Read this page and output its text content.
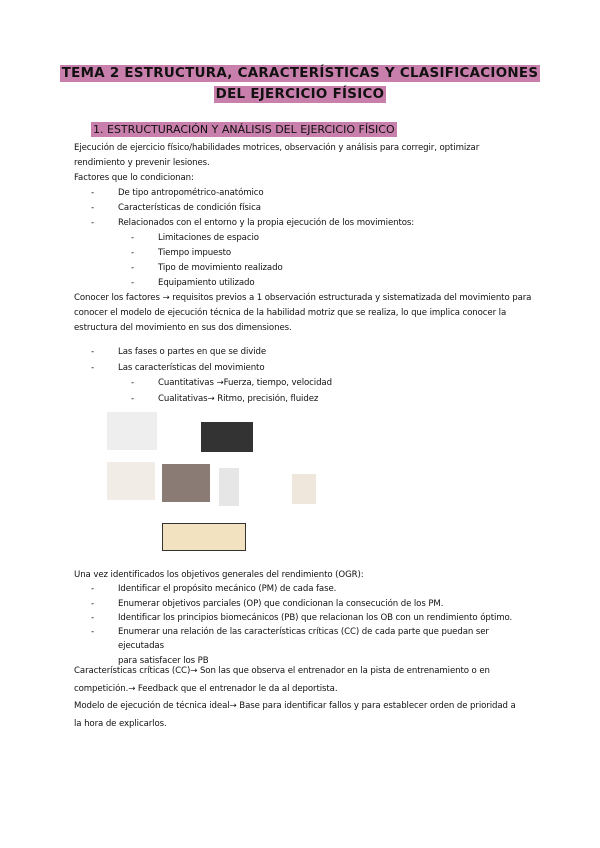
TEMA 2 ESTRUCTURA, CARACTERÍSTICAS Y CLASIFICACIONES
DEL EJERCICIO FÍSICO
1. ESTRUCTURACIÓN Y ANÁLISIS DEL EJERCICIO FÍSICO
Ejecución de ejercicio físico/habilidades motrices, observación y análisis para corregir, optimizar
rendimiento y prevenir lesiones.
Factores que lo condicionan:
- De tipo antropométrico-anatómico
- Características de condición física
- Relacionados con el entorno y la propia ejecución de los movimientos:
- Limitaciones de espacio
- Tiempo impuesto
- Tipo de movimiento realizado
- Equipamiento utilizado
Conocer los factores → requisitos previos a 1 observación estructurada y sistematizada del movimiento para
conocer el modelo de ejecución técnica de la habilidad motriz que se realiza, lo que implica conocer la
estructura del movimiento en sus dos dimensiones.
- Las fases o partes en que se divide
- Las características del movimiento
- Cuantitativas →Fuerza, tiempo, velocidad
- Cualitativas→ Ritmo, precisión, fluidez
Una vez identificados los objetivos generales del rendimiento (OGR):
- Identificar el propósito mecánico (PM) de cada fase.
- Enumerar objetivos parciales (OP) que condicionan la consecución de los PM.
- Identificar los principios biomecánicos (PB) que relacionan los OB con un rendimiento óptimo.
- Enumerar una relación de las características críticas (CC) de cada parte que puedan ser ejecutadas
para satisfacer los PB
Características críticas (CC)→ Son las que observa el entrenador en la pista de entrenamiento o en
competición.→ Feedback que el entrenador le da al deportista.
Modelo de ejecución de técnica ideal→ Base para identificar fallos y para establecer orden de prioridad a
la hora de explicarlos.
